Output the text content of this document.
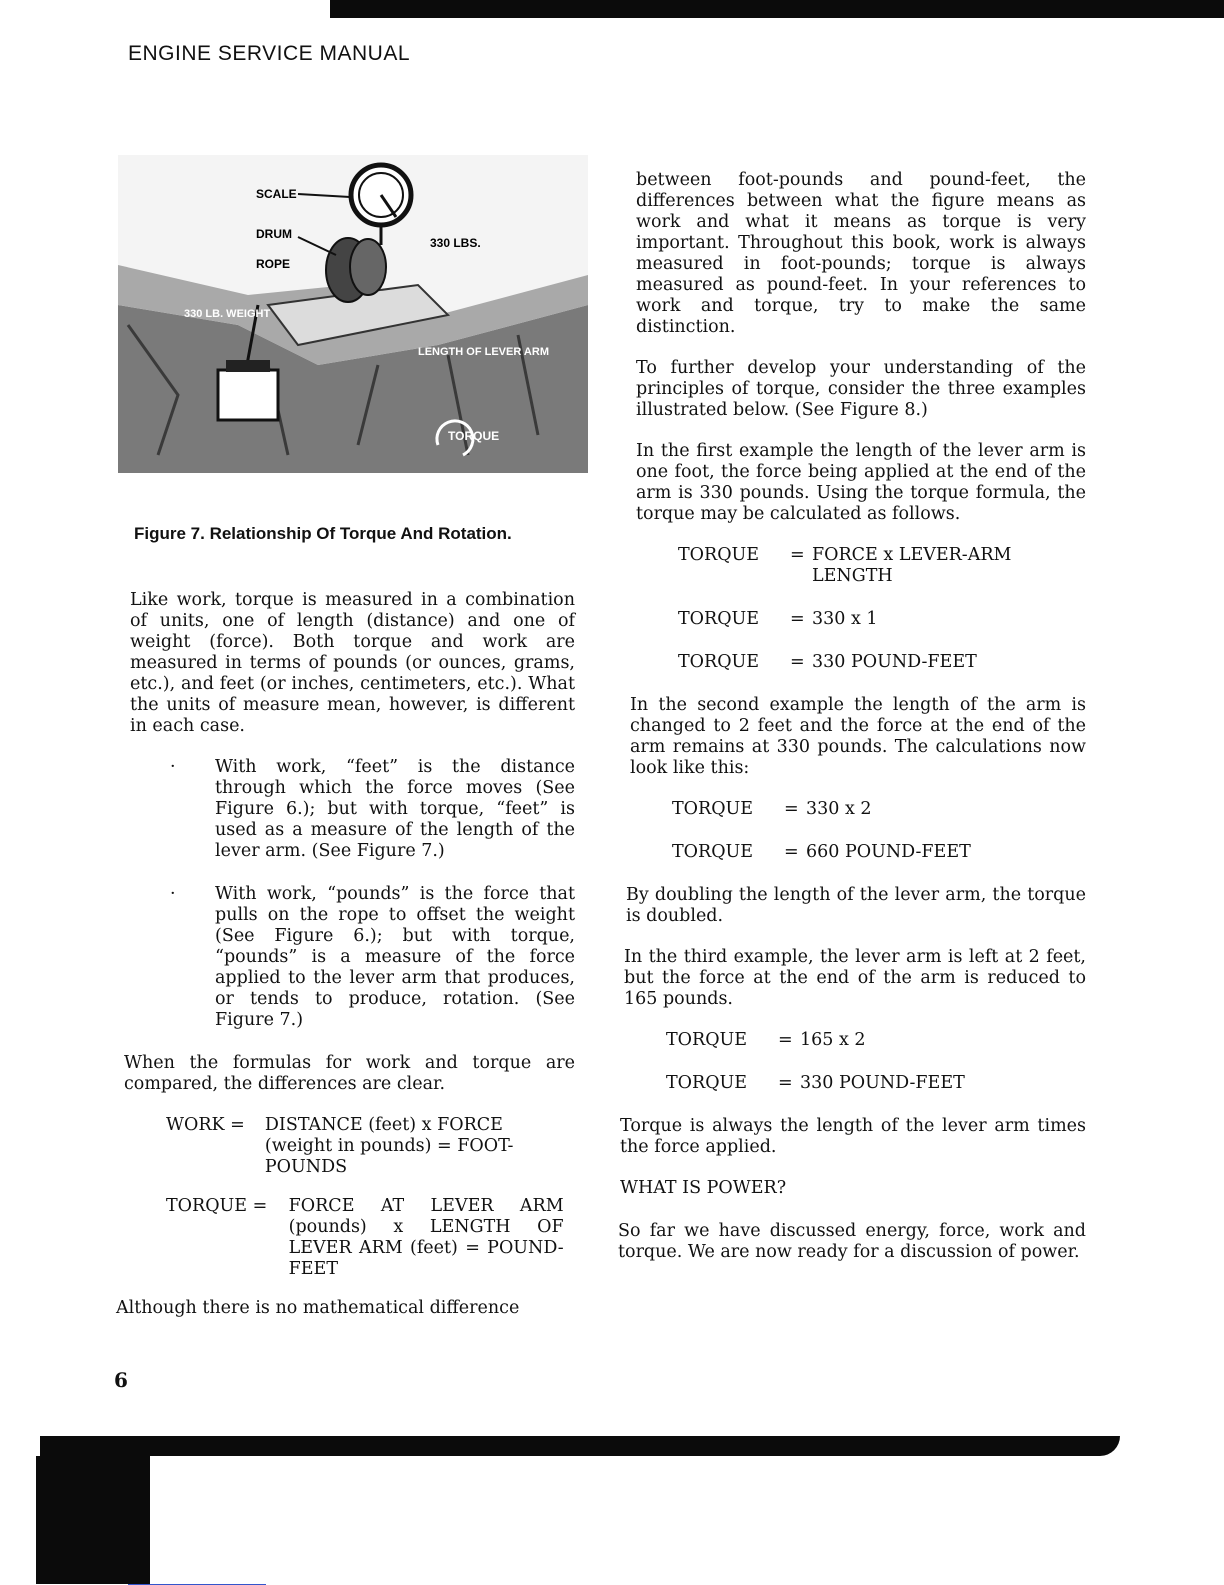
ENGINE SERVICE MANUAL
SCALE
DRUM
ROPE
330 LBS.
330 LB. WEIGHT
LENGTH OF LEVER ARM
TORQUE
Figure 7. Relationship Of Torque And Rotation.

Like work, torque is measured in a combination of units, one of length (distance) and one of weight (force). Both torque and work are measured in terms of pounds (or ounces, grams, etc.), and feet (or inches, centimeters, etc.). What the units of measure mean, however, is different in each case.

· With work, “feet” is the distance through which the force moves (See Figure 6.); but with torque, “feet” is used as a measure of the length of the lever arm. (See Figure 7.)
· With work, “pounds” is the force that pulls on the rope to offset the weight (See Figure 6.); but with torque, “pounds” is a measure of the force applied to the lever arm that produces, or tends to produce, rotation. (See Figure 7.)

When the formulas for work and torque are compared, the differences are clear.

WORK =	DISTANCE (feet) x FORCE (weight in pounds) = FOOT-POUNDS
TORQUE =	FORCE AT LEVER ARM (pounds) x LENGTH OF LEVER ARM (feet) = POUND-FEET

Although there is no mathematical difference

6

between foot-pounds and pound-feet, the differences between what the figure means as work and what it means as torque is very important. Throughout this book, work is always measured in foot-pounds; torque is always measured as pound-feet. In your references to work and torque, try to make the same distinction.

To further develop your understanding of the principles of torque, consider the three examples illustrated below. (See Figure 8.)

In the first example the length of the lever arm is one foot, the force being applied at the end of the arm is 330 pounds. Using the torque formula, the torque may be calculated as follows.

TORQUE	= FORCE x LEVER-ARM LENGTH
TORQUE	= 330 x 1
TORQUE	= 330 POUND-FEET

In the second example the length of the arm is changed to 2 feet and the force at the end of the arm remains at 330 pounds. The calculations now look like this:

TORQUE	= 330 x 2
TORQUE	= 660 POUND-FEET

By doubling the length of the lever arm, the torque is doubled.

In the third example, the lever arm is left at 2 feet, but the force at the end of the arm is reduced to 165 pounds.

TORQUE	= 165 x 2
TORQUE	= 330 POUND-FEET

Torque is always the length of the lever arm times the force applied.

WHAT IS POWER?

So far we have discussed energy, force, work and torque. We are now ready for a discussion of power.
